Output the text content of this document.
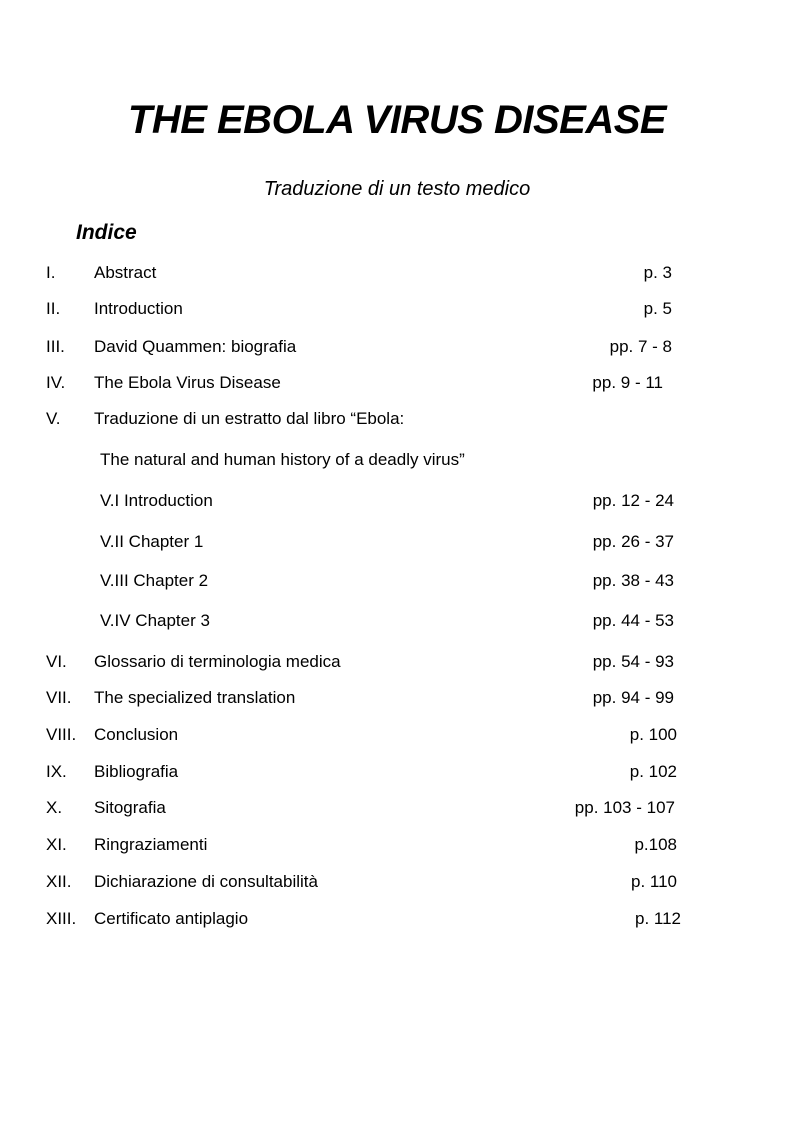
THE EBOLA VIRUS DISEASE
Traduzione di un testo medico
Indice
I. Abstract	p. 3
II. Introduction	p. 5
III. David Quammen: biografia	pp. 7 - 8
IV. The Ebola Virus Disease	pp. 9 - 11
V. Traduzione di un estratto dal libro “Ebola:
The natural and human history of a deadly virus”
V.I Introduction	pp. 12 - 24
V.II Chapter 1	pp. 26 - 37
V.III Chapter 2	pp. 38 - 43
V.IV Chapter 3	pp. 44 - 53
VI. Glossario di terminologia medica	pp. 54 - 93
VII. The specialized translation	pp. 94 - 99
VIII. Conclusion	p. 100
IX. Bibliografia	p. 102
X. Sitografia	pp. 103 - 107
XI. Ringraziamenti	p.108
XII. Dichiarazione di consultabilità	p. 110
XIII. Certificato antiplagio	p. 112
